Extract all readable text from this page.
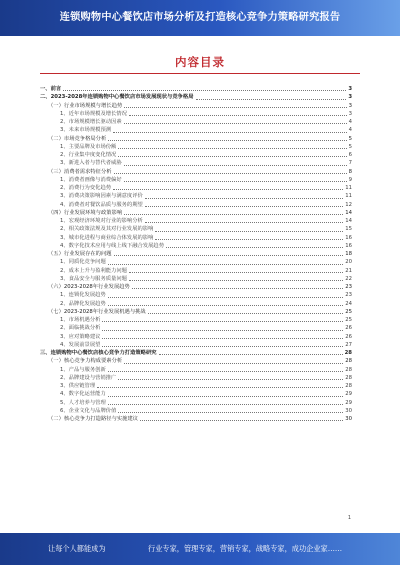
连锁购物中心餐饮店市场分析及打造核心竞争力策略研究报告
内容目录
一、前言	3
二、2023-2028年连锁购物中心餐饮店市场发展现状与竞争格局	3
（一）行业市场规模与增长趋势	3
1、近年市场规模及增长情况	3
2、市场规模增长驱动因素	4
3、未来市场规模预测	4
（二）市场竞争格局分析	5
1、主要品牌及市场份额	5
2、行业集中度变化情况	6
3、新进入者与替代者威胁	7
（三）消费者需求特征分析	8
1、消费者画像与消费偏好	9
2、消费行为变化趋势	11
3、消费决策影响因素与满意度评价	11
4、消费者对餐饮品质与服务的期望	12
（四）行业发展环境与政策影响	14
1、宏观经济环境对行业的影响分析	14
2、相关政策法规及其对行业发展的影响	15
3、城市化进程与商业综合体发展的影响	16
4、数字化技术应用与线上线下融合发展趋势	16
（五）行业发展存在的问题	18
1、同质化竞争问题	20
2、成本上升与盈利能力问题	21
3、食品安全与服务质量问题	22
（六）2023-2028年行业发展趋势	23
1、连锁化发展趋势	23
2、品牌化发展趋势	24
（七）2023-2028年行业发展机遇与挑战	25
1、市场机遇分析	25
2、面临挑战分析	26
3、应对策略建议	26
4、发展前景展望	27
三、连锁购物中心餐饮店核心竞争力打造策略研究	28
（一）核心竞争力构成要素分析	28
1、产品与服务创新	28
2、品牌建设与营销推广	28
3、供应链管理	28
4、数字化运营能力	29
5、人才培养与管理	29
6、企业文化与品牌价值	30
（二）核心竞争力打造路径与实施建议	30
1
让每个人都能成为	行业专家，管理专家，营销专家，战略专家，成功企业家……
